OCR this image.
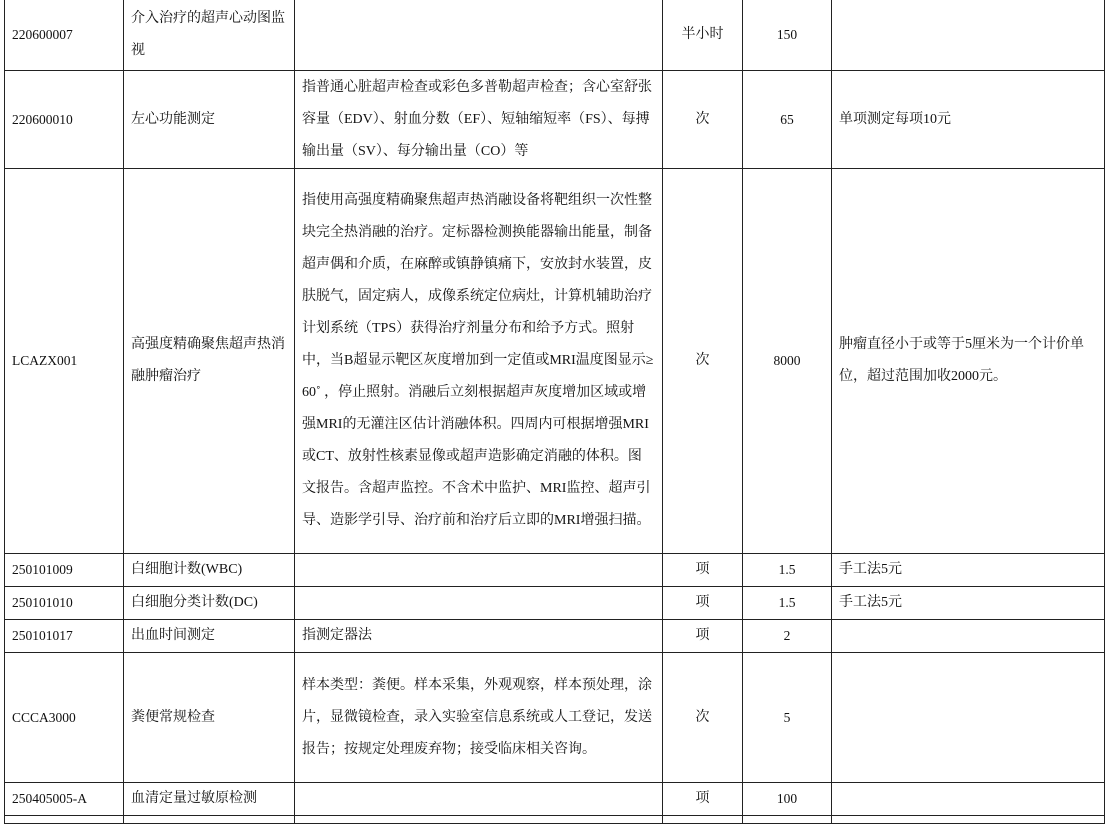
220600007	介入治疗的超声心动图监视		半小时	150	

220600010	左心功能测定	指普通心脏超声检查或彩色多普勒超声检查；含心室舒张容量（EDV）、射血分数（EF）、短轴缩短率（FS）、每搏输出量（SV）、每分输出量（CO）等	次	65	单项测定每项10元

LCAZX001	高强度精确聚焦超声热消融肿瘤治疗	指使用高强度精确聚焦超声热消融设备将靶组织一次性整块完全热消融的治疗。定标器检测换能器输出能量，制备超声偶和介质，在麻醉或镇静镇痛下，安放封水装置，皮肤脱气，固定病人，成像系统定位病灶，计算机辅助治疗计划系统（TPS）获得治疗剂量分布和给予方式。照射中，当B超显示靶区灰度增加到一定值或MRI温度图显示≥60˚ ，停止照射。消融后立刻根据超声灰度增加区域或增强MRI的无灌注区估计消融体积。四周内可根据增强MRI或CT、放射性核素显像或超声造影确定消融的体积。图文报告。含超声监控。不含术中监护、MRI监控、超声引导、造影学引导、治疗前和治疗后立即的MRI增强扫描。	次	8000	肿瘤直径小于或等于5厘米为一个计价单位，超过范围加收2000元。

250101009	白细胞计数(WBC)		项	1.5	手工法5元

250101010	白细胞分类计数(DC)		项	1.5	手工法5元

250101017	出血时间测定	指测定器法	项	2	

CCCA3000	粪便常规检查	样本类型：粪便。样本采集，外观观察，样本预处理，涂片，显微镜检查，录入实验室信息系统或人工登记，发送报告；按规定处理废弃物；接受临床相关咨询。	次	5	

250405005-A	血清定量过敏原检测		项	100	
